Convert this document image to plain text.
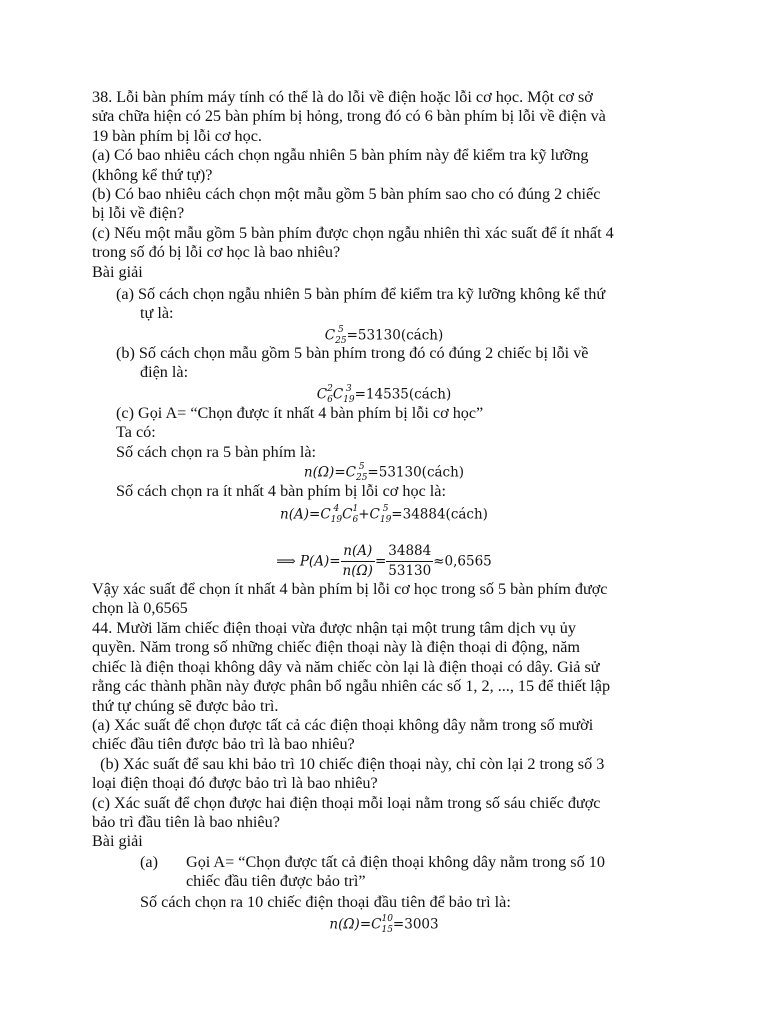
38. Lỗi bàn phím máy tính có thể là do lỗi về điện hoặc lỗi cơ học. Một cơ sở
sửa chữa hiện có 25 bàn phím bị hỏng, trong đó có 6 bàn phím bị lỗi về điện và
19 bàn phím bị lỗi cơ học.
(a) Có bao nhiêu cách chọn ngẫu nhiên 5 bàn phím này để kiểm tra kỹ lưỡng
(không kể thứ tự)?
(b) Có bao nhiêu cách chọn một mẫu gồm 5 bàn phím sao cho có đúng 2 chiếc
bị lỗi về điện?
(c) Nếu một mẫu gồm 5 bàn phím được chọn ngẫu nhiên thì xác suất để ít nhất 4
trong số đó bị lỗi cơ học là bao nhiêu?
Bài giải
(a) Số cách chọn ngẫu nhiên 5 bàn phím để kiểm tra kỹ lưỡng không kể thứ
tự là:
C 5
25 =53130(cách)
(b) Số cách chọn mẫu gồm 5 bàn phím trong đó có đúng 2 chiếc bị lỗi về
điện là:
C 2
6 C 3
19 =14535(cách)
(c) Gọi A= “Chọn được ít nhất 4 bàn phím bị lỗi cơ học”
Ta có:
Số cách chọn ra 5 bàn phím là:
n(Ω)=C 5
25 =53130(cách)
Số cách chọn ra ít nhất 4 bàn phím bị lỗi cơ học là:
n(A)=C 4
19 C 1
6 +C 5
19 =34884(cách)
⟹ $P(A)= \frac{n(A)}{n(\Omega)} = \frac{34884}{53130} \approx 0,6565$
Vậy xác suất để chọn ít nhất 4 bàn phím bị lỗi cơ học trong số 5 bàn phím được
chọn là 0,6565
44. Mười lăm chiếc điện thoại vừa được nhận tại một trung tâm dịch vụ ủy
quyền. Năm trong số những chiếc điện thoại này là điện thoại di động, năm
chiếc là điện thoại không dây và năm chiếc còn lại là điện thoại có dây. Giả sử
rằng các thành phần này được phân bổ ngẫu nhiên các số 1, 2, ..., 15 để thiết lập
thứ tự chúng sẽ được bảo trì.
(a) Xác suất để chọn được tất cả các điện thoại không dây nằm trong số mười
chiếc đầu tiên được bảo trì là bao nhiêu?
(b) Xác suất để sau khi bảo trì 10 chiếc điện thoại này, chỉ còn lại 2 trong số 3
loại điện thoại đó được bảo trì là bao nhiêu?
(c) Xác suất để chọn được hai điện thoại mỗi loại nằm trong số sáu chiếc được
bảo trì đầu tiên là bao nhiêu?
Bài giải
(a) Gọi A= “Chọn được tất cả điện thoại không dây nằm trong số 10
chiếc đầu tiên được bảo trì”
Số cách chọn ra 10 chiếc điện thoại đầu tiên để bảo trì là:
n(Ω)=C 10
15 =3003
